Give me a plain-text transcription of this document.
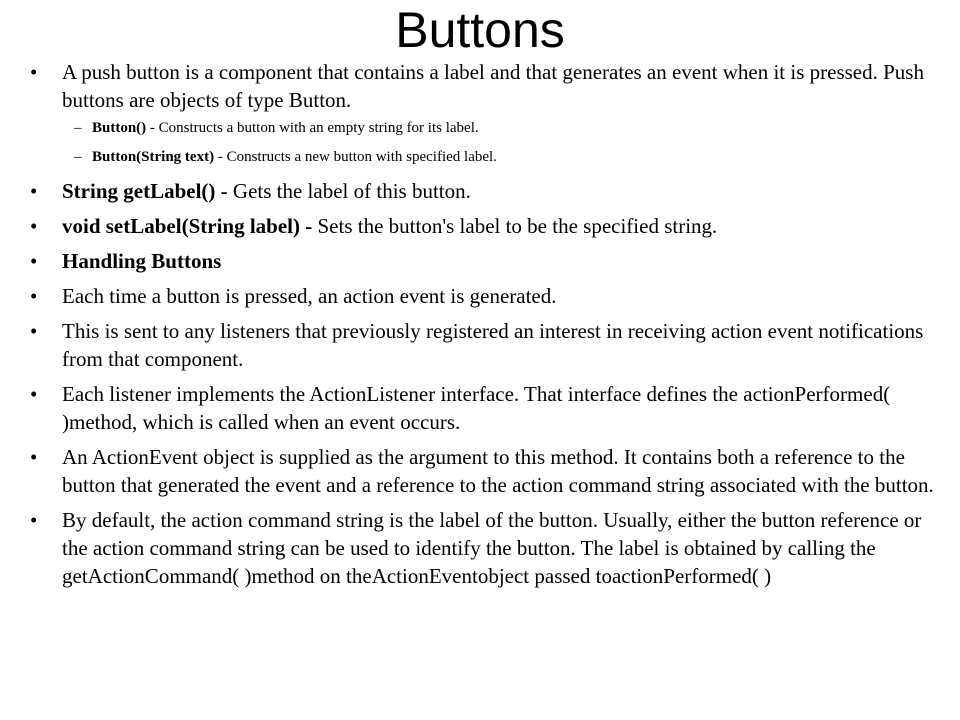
Buttons
•	A push button is a component that contains a label and that generates an event when it is pressed. Push buttons are objects of type Button.
– Button() - Constructs a button with an empty string for its label.
– Button(String text) - Constructs a new button with specified label.
•	String getLabel() - Gets the label of this button.
•	void setLabel(String label) - Sets the button's label to be the specified string.
•	Handling Buttons
•	Each time a button is pressed, an action event is generated.
•	This is sent to any listeners that previously registered an interest in receiving action event notifications from that component.
•	Each listener implements the ActionListener interface. That interface defines the actionPerformed( )method, which is called when an event occurs.
•	An ActionEvent object is supplied as the argument to this method. It contains both a reference to the button that generated the event and a reference to the action command string associated with the button.
•	By default, the action command string is the label of the button. Usually, either the button reference or the action command string can be used to identify the button. The label is obtained by calling the getActionCommand( )method on theActionEventobject passed toactionPerformed( )
